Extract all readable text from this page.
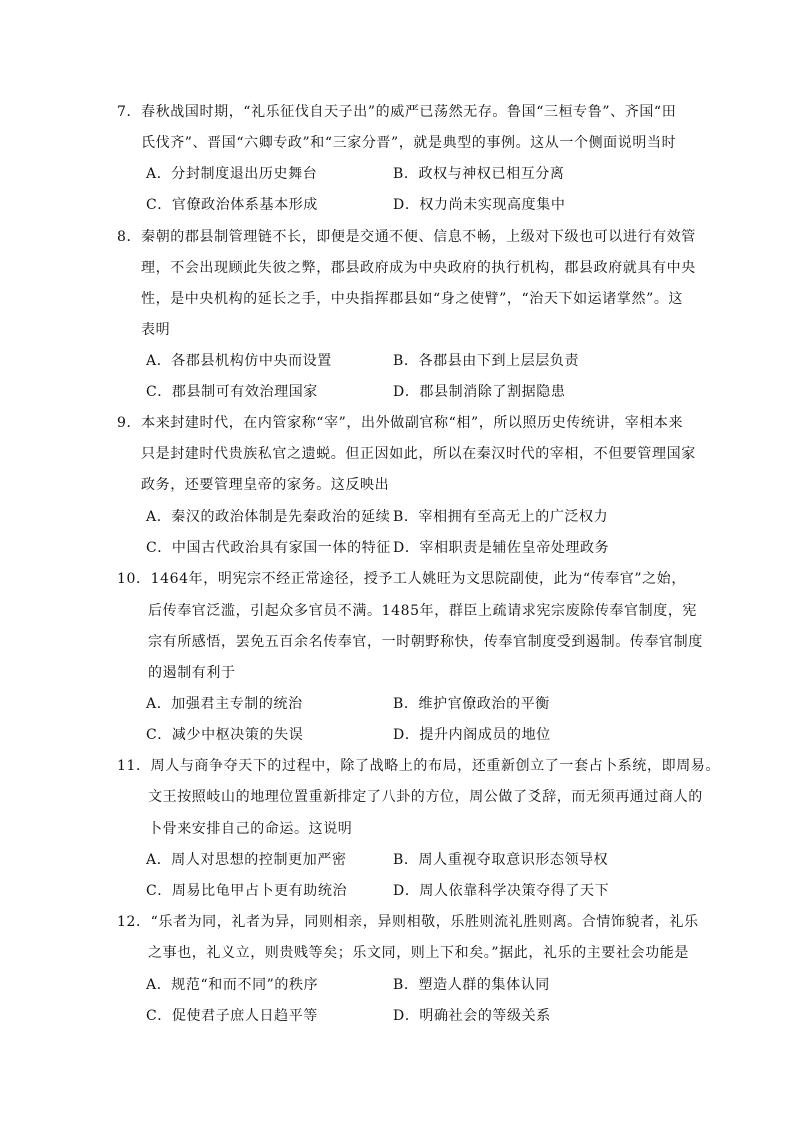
7．春秋战国时期，“礼乐征伐自天子出”的威严已荡然无存。鲁国“三桓专鲁”、齐国“田
氏伐齐”、晋国“六卿专政”和“三家分晋”，就是典型的事例。这从一个侧面说明当时
A．分封制度退出历史舞台	B．政权与神权已相互分离
C．官僚政治体系基本形成	D．权力尚未实现高度集中
8．秦朝的郡县制管理链不长，即便是交通不便、信息不畅，上级对下级也可以进行有效管
理，不会出现顾此失彼之弊，郡县政府成为中央政府的执行机构，郡县政府就具有中央
性，是中央机构的延长之手，中央指挥郡县如“身之使臂”，“治天下如运诸掌然”。这
表明
A．各郡县机构仿中央而设置	B．各郡县由下到上层层负责
C．郡县制可有效治理国家	D．郡县制消除了割据隐患
9．本来封建时代，在内管家称“宰”，出外做副官称“相”，所以照历史传统讲，宰相本来
只是封建时代贵族私官之遗蜕。但正因如此，所以在秦汉时代的宰相，不但要管理国家
政务，还要管理皇帝的家务。这反映出
A．秦汉的政治体制是先秦政治的延续 B．宰相拥有至高无上的广泛权力
C．中国古代政治具有家国一体的特征 D．宰相职责是辅佐皇帝处理政务
10．1464年，明宪宗不经正常途径，授予工人姚旺为文思院副使，此为“传奉官”之始，
后传奉官泛滥，引起众多官员不满。1485年，群臣上疏请求宪宗废除传奉官制度，宪
宗有所感悟，罢免五百余名传奉官，一时朝野称快，传奉官制度受到遏制。传奉官制度
的遏制有利于
A．加强君主专制的统治	B．维护官僚政治的平衡
C．减少中枢决策的失误	D．提升内阁成员的地位
11．周人与商争夺天下的过程中，除了战略上的布局，还重新创立了一套占卜系统，即周易。
文王按照岐山的地理位置重新排定了八卦的方位，周公做了爻辞，而无须再通过商人的
卜骨来安排自己的命运。这说明
A．周人对思想的控制更加严密	B．周人重视夺取意识形态领导权
C．周易比龟甲占卜更有助统治	D．周人依靠科学决策夺得了天下
12．“乐者为同，礼者为异，同则相亲，异则相敬，乐胜则流礼胜则离。合情饰貌者，礼乐
之事也，礼义立，则贵贱等矣；乐文同，则上下和矣。”据此，礼乐的主要社会功能是
A．规范“和而不同”的秩序	B．塑造人群的集体认同
C．促使君子庶人日趋平等	D．明确社会的等级关系
